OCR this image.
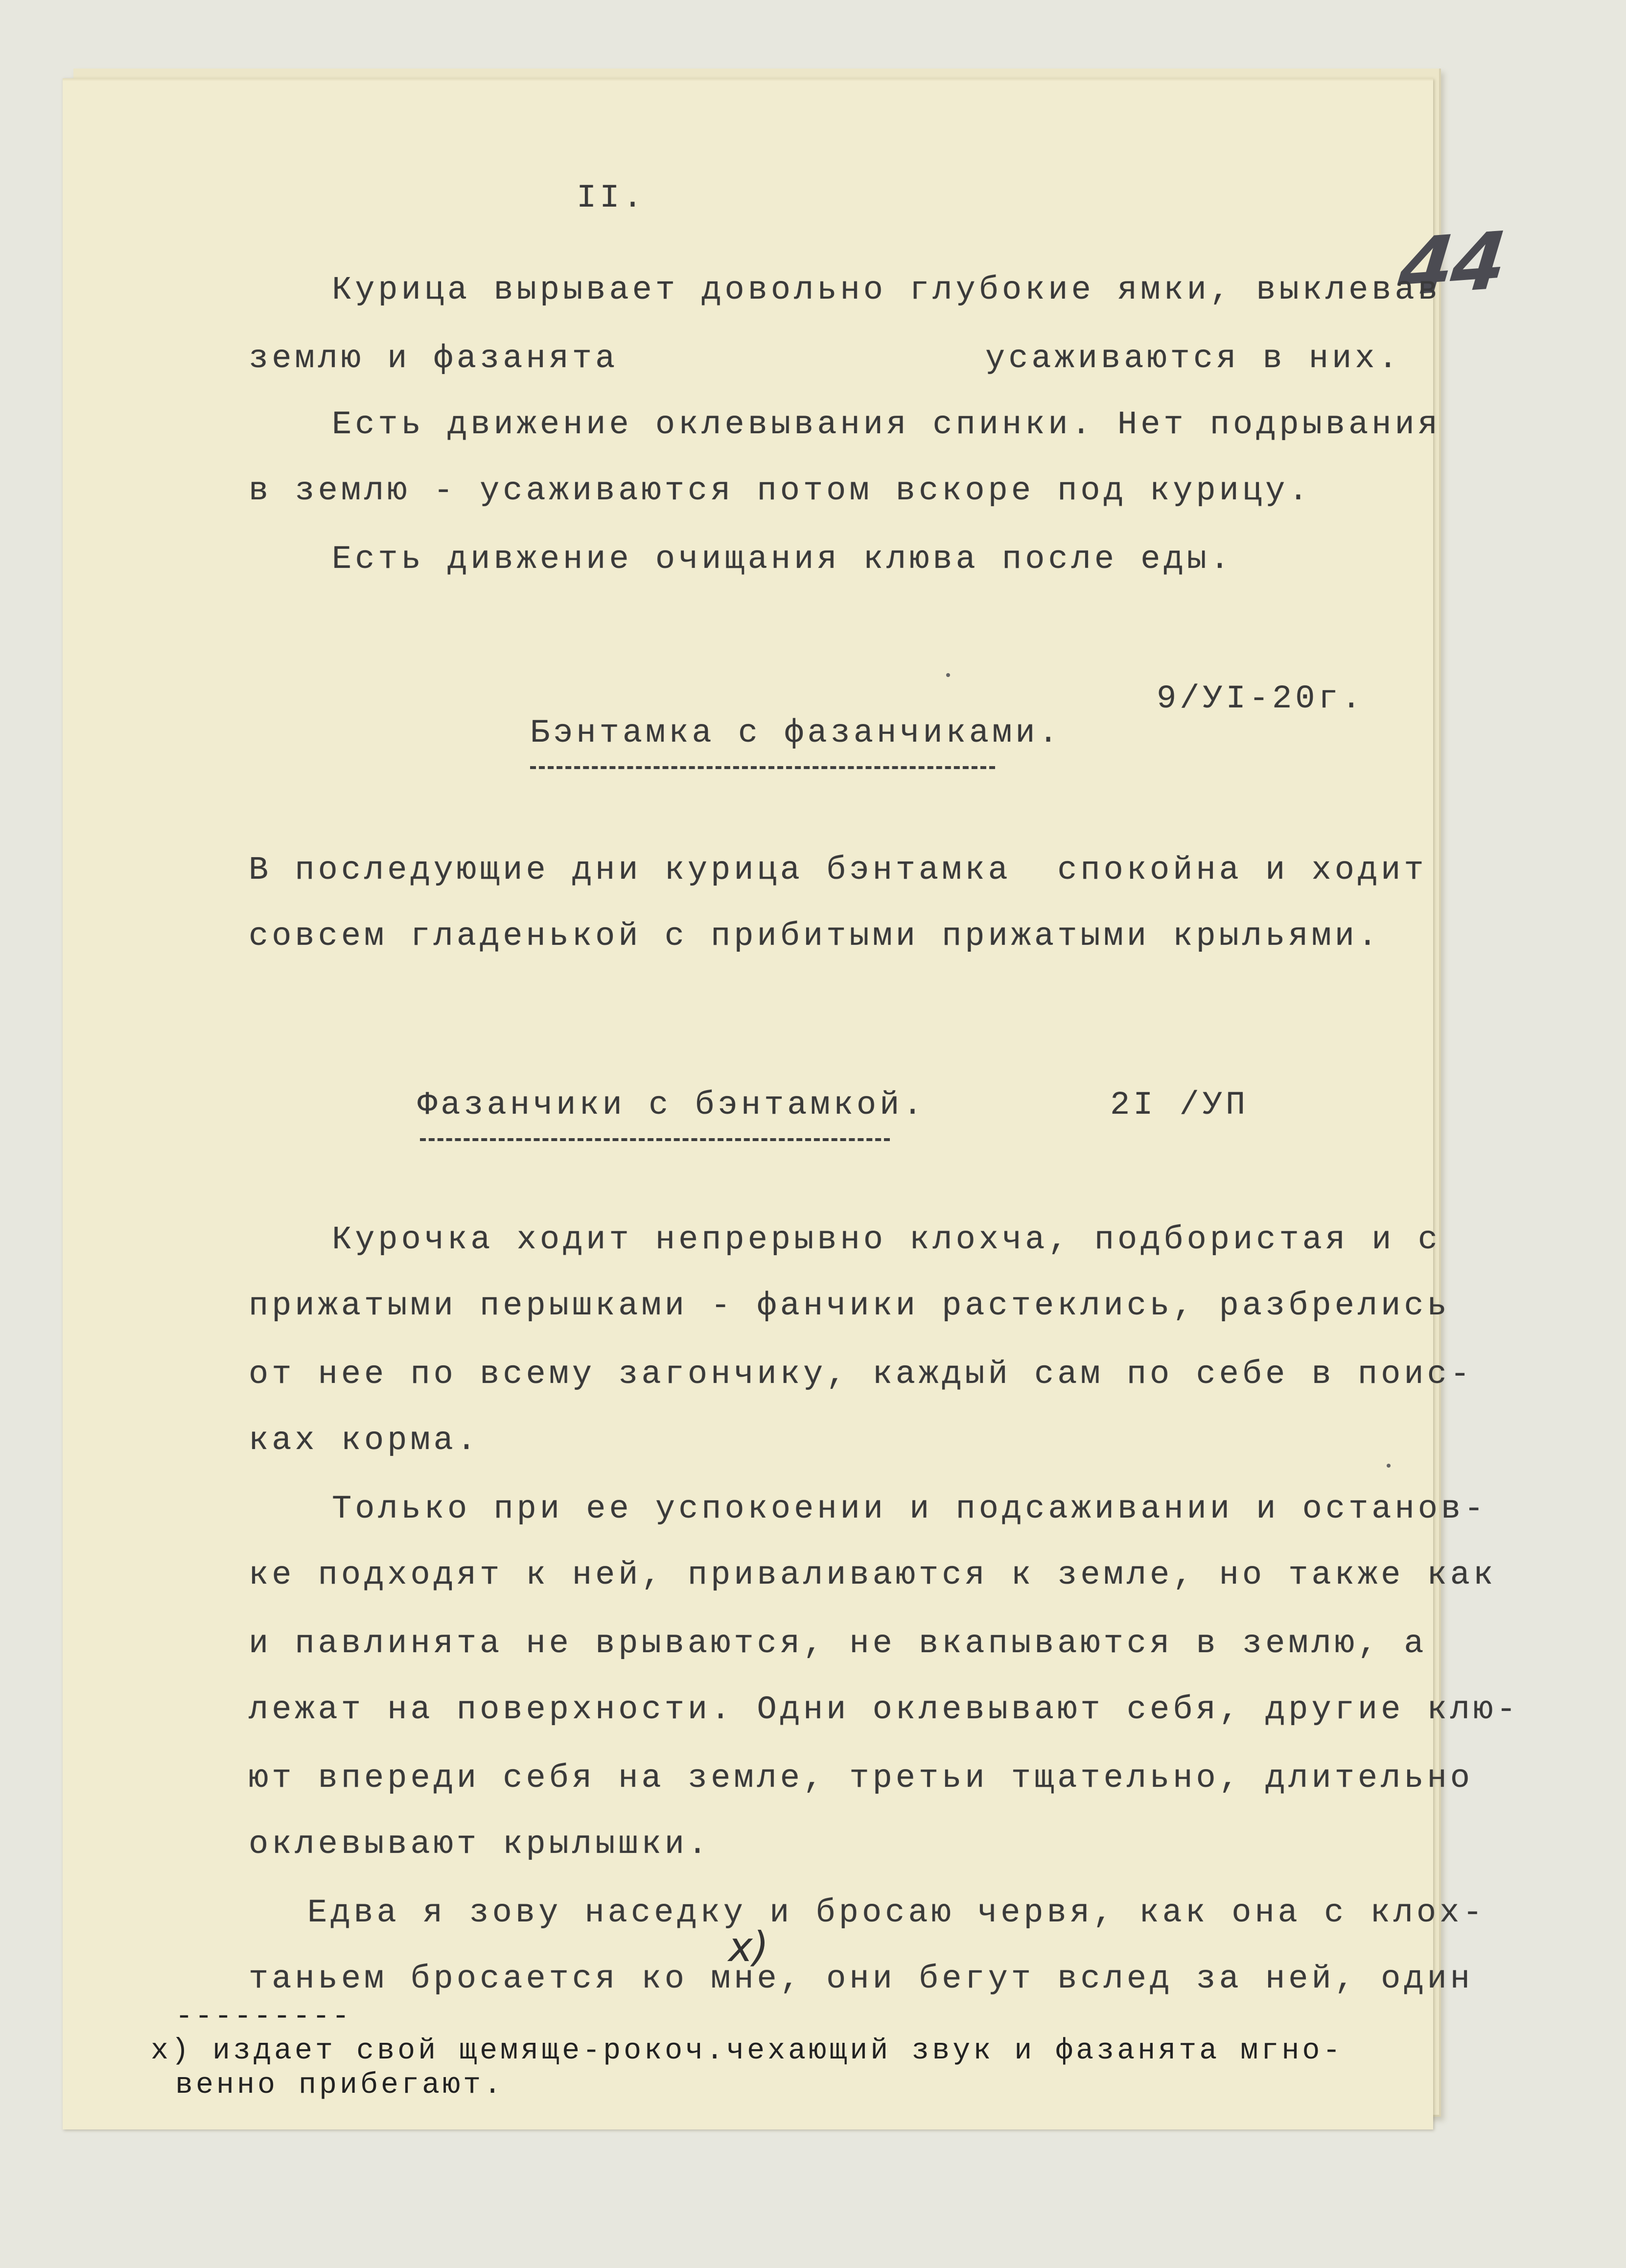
44
II.
Курица вырывает довольно глубокие ямки, выклевав
землю и фазанята	усаживаются в них.
Есть движение оклевывания спинки. Нет подрывания
в землю - усаживаются потом вскоре под курицу.
Есть дивжение очищания клюва после еды.
9/УI-20г.
Бэнтамка с фазанчиками.
В последующие дни курица бэнтамка  спокойна и ходит
совсем гладенькой с прибитыми прижатыми крыльями.
Фазанчики с бэнтамкой.	2I /УП
Курочка ходит непрерывно клохча, подбористая и с
прижатыми перышками - фанчики растеклись, разбрелись
от нее по всему загончику, каждый сам по себе в поис-
ках корма.
Только при ее успокоении и подсаживании и останов-
ке подходят к ней, приваливаются к земле, но также как
и павлинята не врываются, не вкапываются в землю, а
лежат на поверхности. Одни оклевывают себя, другие клю-
ют впереди себя на земле, третьи тщательно, длительно
оклевывают крылышки.
Едва я зову наседку и бросаю червя, как она с клох-
таньем бросается ко мне, они бегут вслед за ней, один
x)
---------
x) издает свой щемяще-рокоч.чехающий звук и фазанята мгно-
венно прибегают.
